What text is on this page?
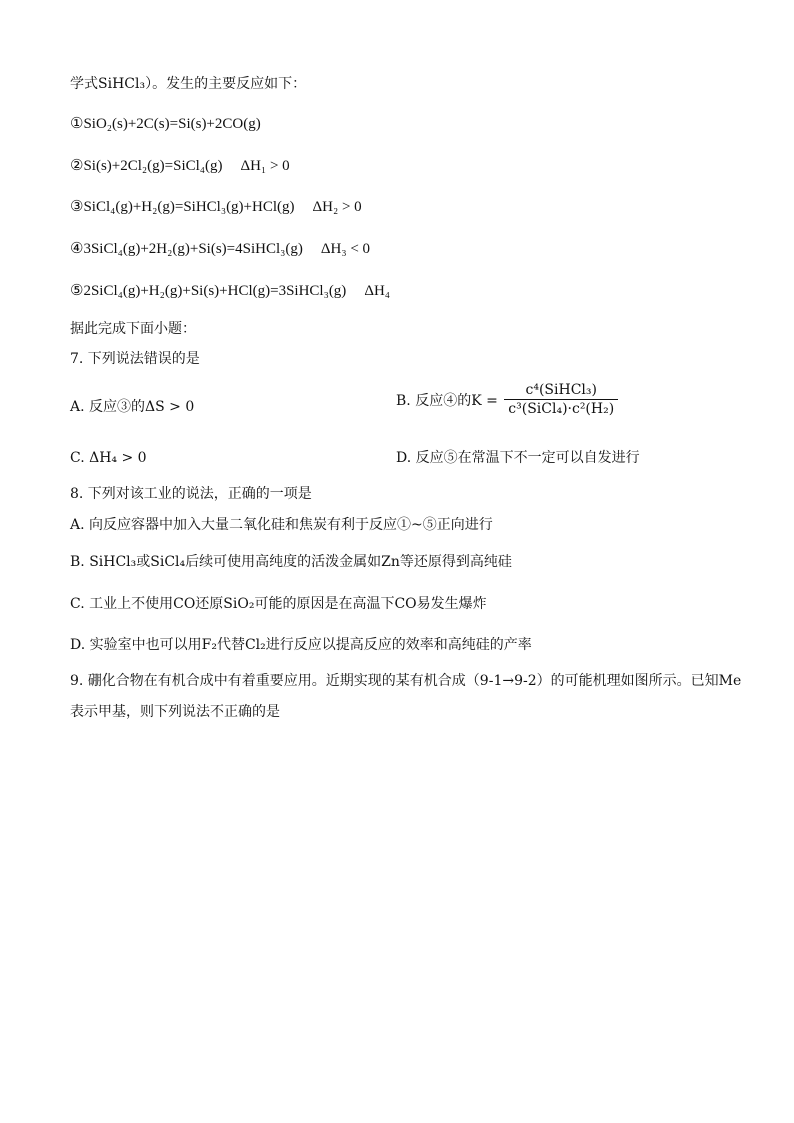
学式SiHCl₃）。发生的主要反应如下：
①SiO₂(s)+2C(s)=Si(s)+2CO(g)
②Si(s)+2Cl₂(g)=SiCl₄(g) ΔH₁ > 0
③SiCl₄(g)+H₂(g)=SiHCl₃(g)+HCl(g) ΔH₂ > 0
④3SiCl₄(g)+2H₂(g)+Si(s)=4SiHCl₃(g) ΔH₃ < 0
⑤2SiCl₄(g)+H₂(g)+Si(s)+HCl(g)=3SiHCl₃(g) ΔH₄
据此完成下面小题：
7. 下列说法错误的是
A. 反应③的ΔS > 0	B. 反应④的$K = \frac{\text{c⁴(SiHCl₃)}}{\text{c³(SiCl₄)·c²(H₂)}}$
C. ΔH₄ > 0	D. 反应⑤在常温下不一定可以自发进行
8. 下列对该工业的说法，正确的一项是
A. 向反应容器中加入大量二氧化硅和焦炭有利于反应①~⑤正向进行
B. SiHCl₃或SiCl₄后续可使用高纯度的活泼金属如Zn等还原得到高纯硅
C. 工业上不使用CO还原SiO₂可能的原因是在高温下CO易发生爆炸
D. 实验室中也可以用F₂代替Cl₂进行反应以提高反应的效率和高纯硅的产率
9. 硼化合物在有机合成中有着重要应用。近期实现的某有机合成（9-1→9-2）的可能机理如图所示。已知Me
表示甲基，则下列说法不正确的是
